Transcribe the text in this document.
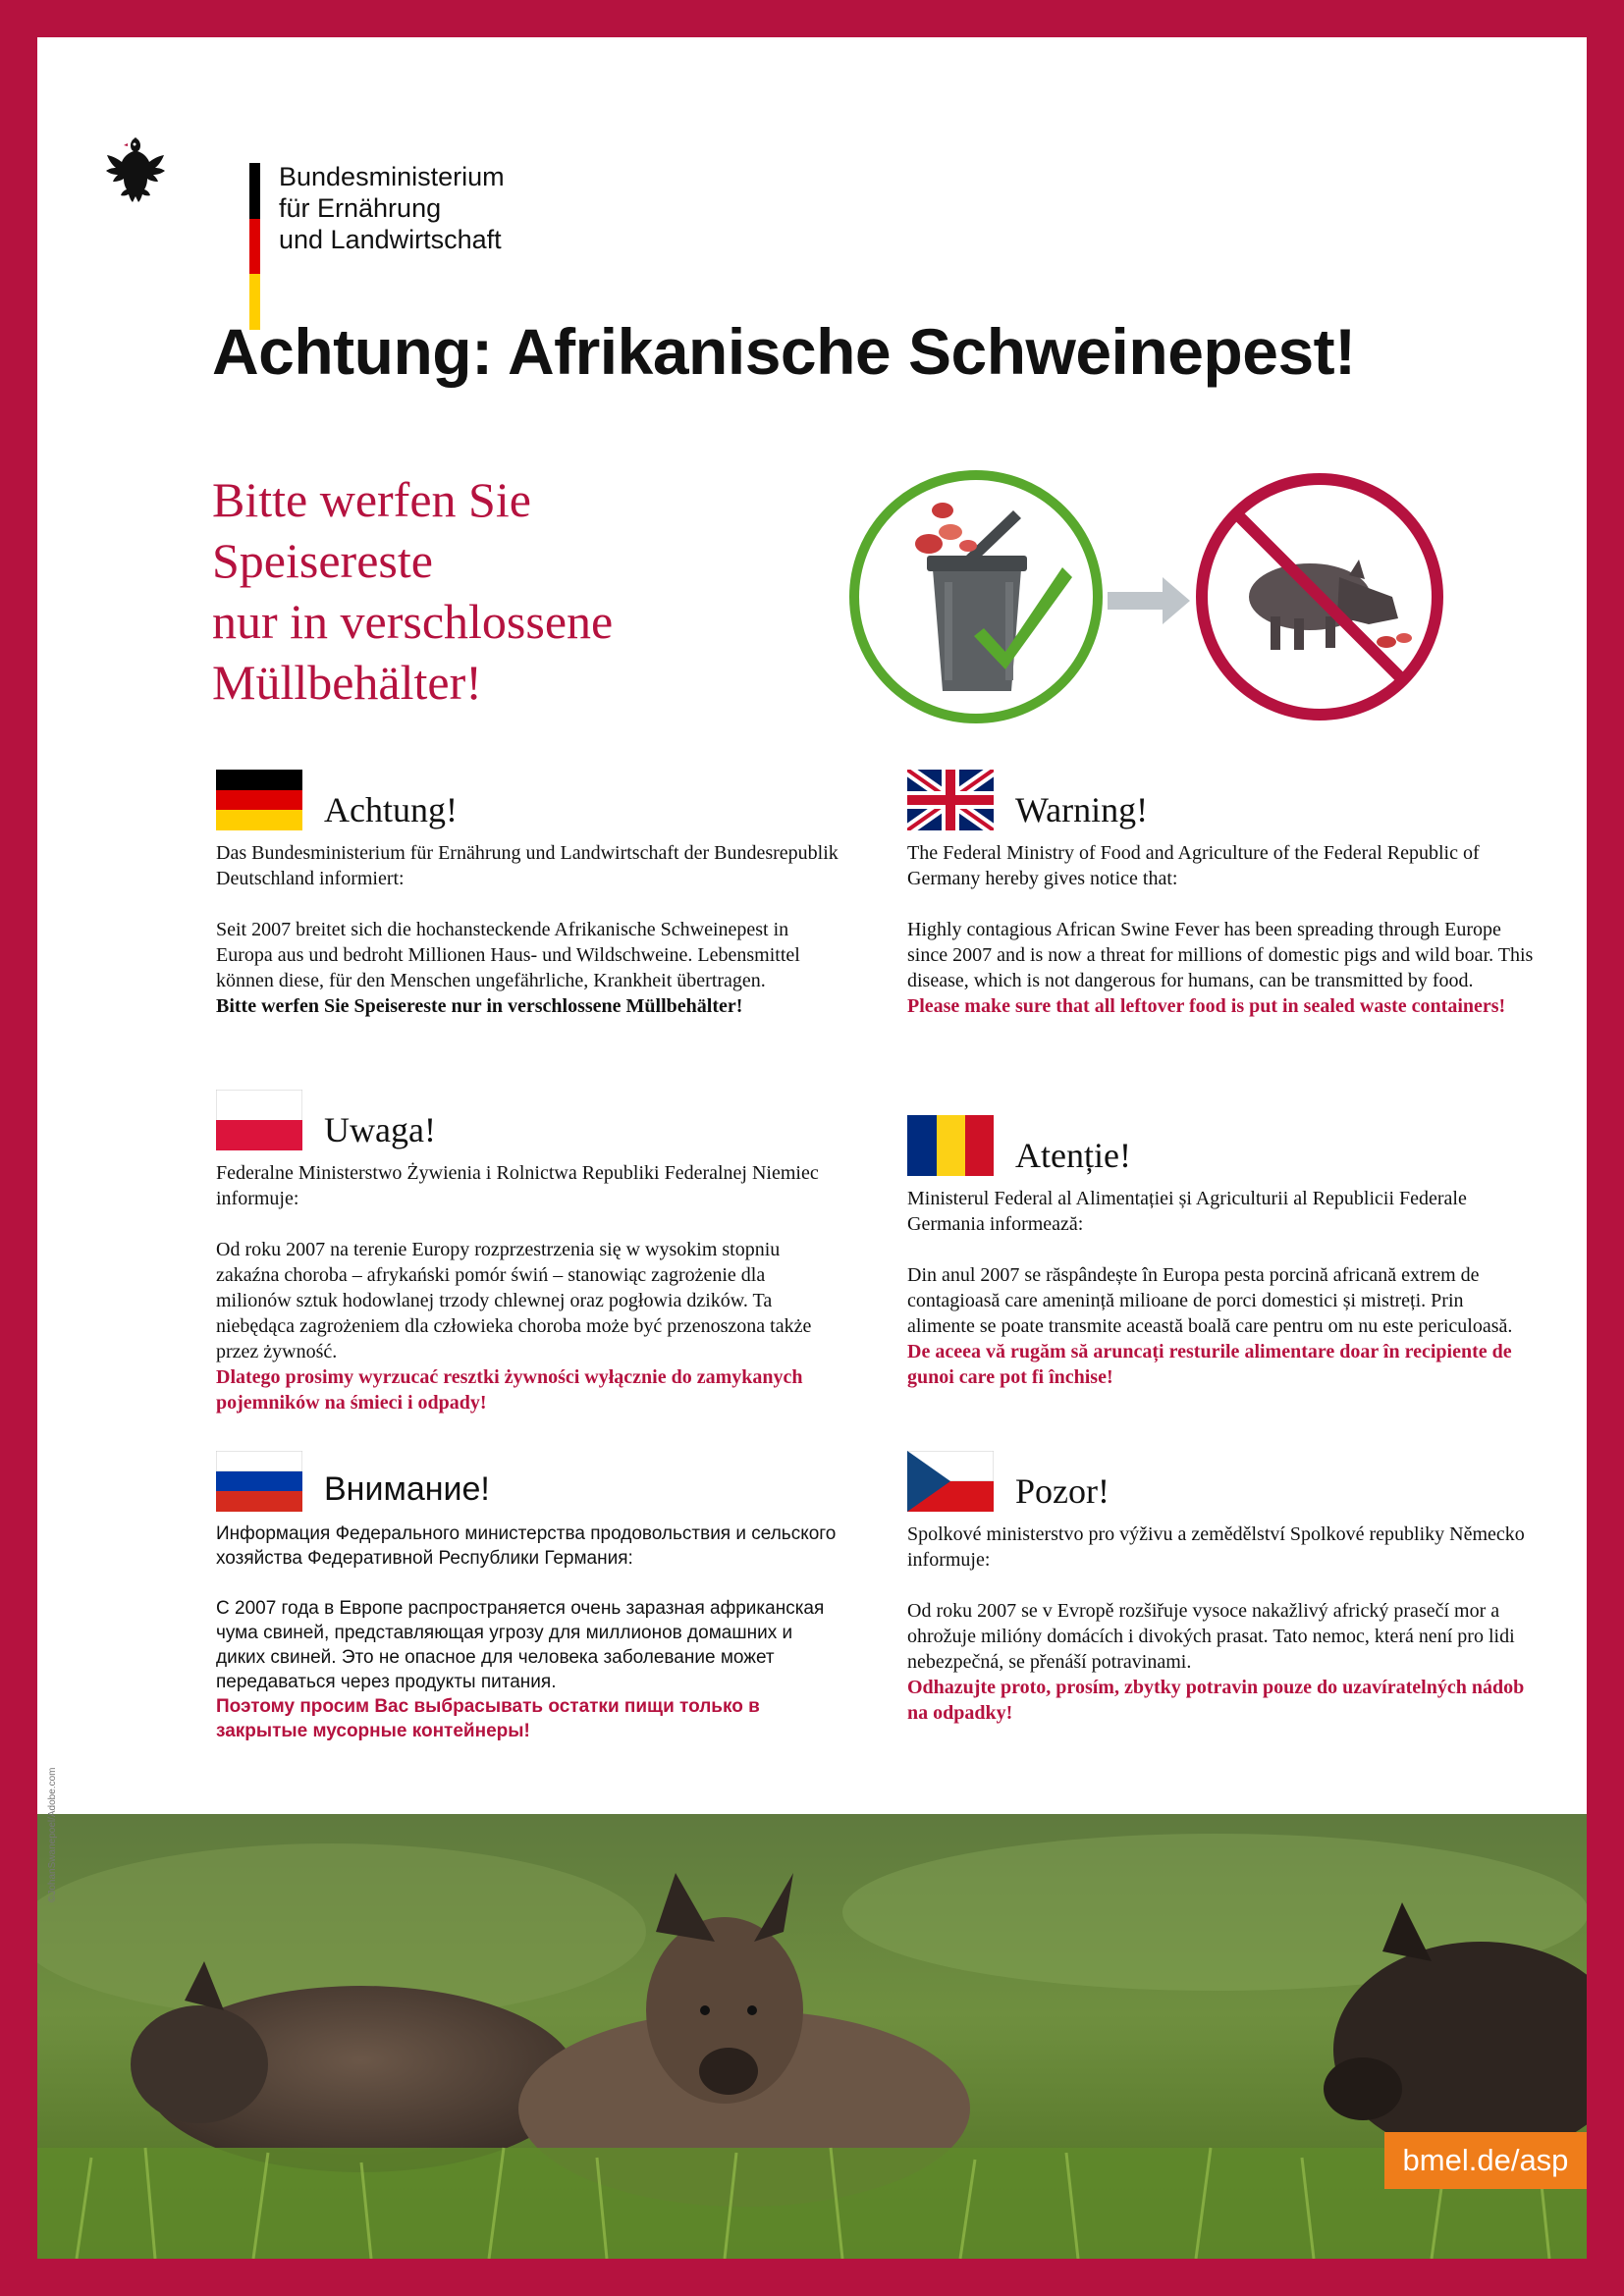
Bundesministerium
für Ernährung
und Landwirtschaft
Achtung: Afrikanische Schweinepest!
Bitte werfen Sie
Speisereste
nur in verschlossene
Müllbehälter!
Achtung!

Das Bundesministerium für Ernährung und Landwirtschaft der Bundesrepublik Deutschland informiert:

Seit 2007 breitet sich die hochansteckende Afrikanische Schweinepest in Europa aus und bedroht Millionen Haus- und Wildschweine. Lebensmittel können diese, für den Menschen ungefährliche, Krankheit übertragen.

Bitte werfen Sie Speisereste nur in verschlossene Müllbehälter!

Warning!

The Federal Ministry of Food and Agriculture of the Federal Republic of Germany hereby gives notice that:

Highly contagious African Swine Fever has been spreading through Europe since 2007 and is now a threat for millions of domestic pigs and wild boar. This disease, which is not dangerous for humans, can be transmitted by food.

Please make sure that all leftover food is put in sealed waste containers!

Uwaga!

Federalne Ministerstwo Żywienia i Rolnictwa Republiki Federalnej Niemiec informuje:

Od roku 2007 na terenie Europy rozprzestrzenia się w wysokim stopniu zakaźna choroba – afrykański pomór świń – stanowiąc zagrożenie dla milionów sztuk hodowlanej trzody chlewnej oraz pogłowia dzików. Ta niebędąca zagrożeniem dla człowieka choroba może być przenoszona także przez żywność.

Dlatego prosimy wyrzucać resztki żywności wyłącznie do zamykanych pojemników na śmieci i odpady!

Atenție!

Ministerul Federal al Alimentației și Agriculturii al Republicii Federale Germania informează:

Din anul 2007 se răspândește în Europa pesta porcină africană extrem de contagioasă care amenință milioane de porci domestici și mistreți. Prin alimente se poate transmite această boală care pentru om nu este periculoasă.

De aceea vă rugăm să aruncați resturile alimentare doar în recipiente de gunoi care pot fi închise!

Внимание!

Информация Федерального министерства продовольствия и сельского хозяйства Федеративной Республики Германия:

С 2007 года в Европе распространяется очень заразная африканская чума свиней, представляющая угрозу для миллионов домашних и диких свиней. Это не опасное для человека заболевание может передаваться через продукты питания.

Поэтому просим Вас выбрасывать остатки пищи только в закрытые мусорные контейнеры!

Pozor!

Spolkové ministerstvo pro výživu a zemědělství Spolkové republiky Německo informuje:

Od roku 2007 se v Evropě rozšiřuje vysoce nakažlivý africký prasečí mor a ohrožuje milióny domácích i divokých prasat. Tato nemoc, která není pro lidi nebezpečná, se přenáší potravinami.

Odhazujte proto, prosím, zbytky potravin pouze do uzavíratelných nádob na odpadky!

©JohanSwanepoel/Adobe.com
bmel.de/asp
